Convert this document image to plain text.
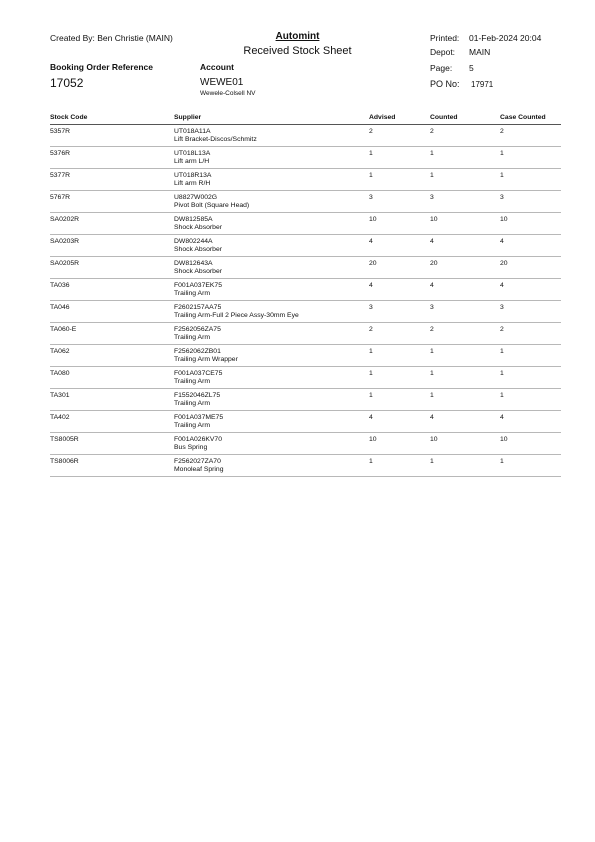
Created By: Ben Christie (MAIN)	Automint
Received Stock Sheet
Printed: 01-Feb-2024 20:04
Depot: MAIN
Page: 5
PO No: 17971
Booking Order Reference
17052
Account
WEWE01
Wewele-Colsell NV
Stock Code	Supplier	Advised	Counted	Case Counted
5357R	UT018A11A
Lift Bracket-Discos/Schmitz
2	2	2
5376R	UT018L13A
Lift arm L/H
1	1	1
5377R	UT018R13A
Lift arm R/H
1	1	1
5767R	U8827W002G
Pivot Bolt (Square Head)
3	3	3
SA0202R	DW812585A
Shock Absorber
10	10	10
SA0203R	DW802244A
Shock Absorber
4	4	4
SA0205R	DW812643A
Shock Absorber
20	20	20
TA036	F001A037EK75
Trailing Arm
4	4	4
TA046	F2602157AA75
Trailing Arm-Full 2 Piece Assy-30mm Eye
3	3	3
TA060-E	F2562056ZA75
Trailing Arm
2	2	2
TA062	F2562062ZB01
Trailing Arm Wrapper
1	1	1
TA080	F001A037CE75
Trailing Arm
1	1	1
TA301	F1552046ZL75
Trailing Arm
1	1	1
TA402	F001A037ME75
Trailing Arm
4	4	4
TS8005R	F001A026KV70
Bus Spring
10	10	10
TS8006R	F2562027ZA70
Monoleaf Spring
1	1	1
